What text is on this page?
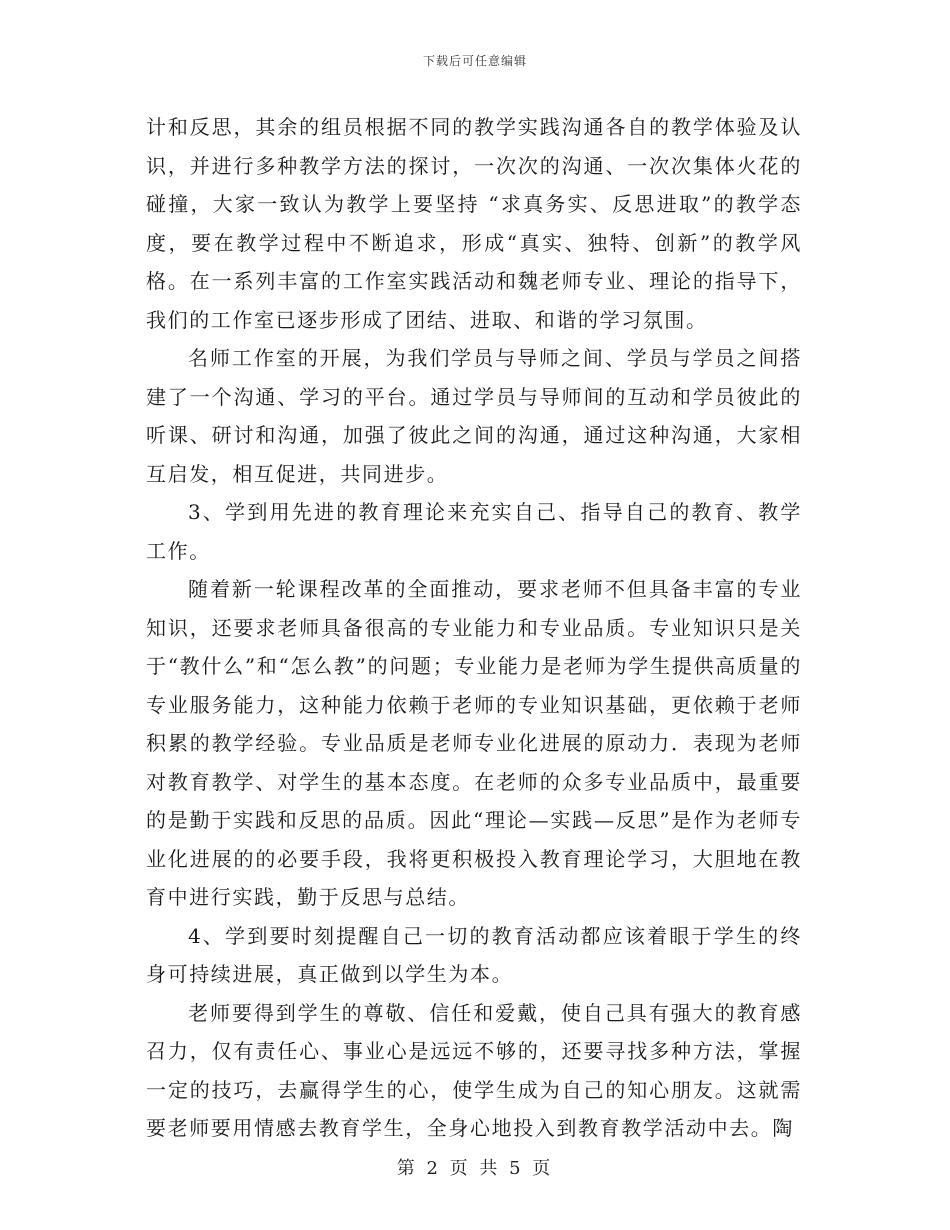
下载后可任意编辑

计和反思，其余的组员根据不同的教学实践沟通各自的教学体验及认识，并进行多种教学方法的探讨，一次次的沟通、一次次集体火花的碰撞，大家一致认为教学上要坚持 “求真务实、反思进取”的教学态度，要在教学过程中不断追求，形成“真实、独特、创新”的教学风格。在一系列丰富的工作室实践活动和魏老师专业、理论的指导下，我们的工作室已逐步形成了团结、进取、和谐的学习氛围。

名师工作室的开展，为我们学员与导师之间、学员与学员之间搭建了一个沟通、学习的平台。通过学员与导师间的互动和学员彼此的听课、研讨和沟通，加强了彼此之间的沟通，通过这种沟通，大家相互启发，相互促进，共同进步。

3、学到用先进的教育理论来充实自己、指导自己的教育、教学工作。

随着新一轮课程改革的全面推动，要求老师不但具备丰富的专业知识，还要求老师具备很高的专业能力和专业品质。专业知识只是关于“教什么”和“怎么教”的问题；专业能力是老师为学生提供高质量的专业服务能力，这种能力依赖于老师的专业知识基础，更依赖于老师积累的教学经验。专业品质是老师专业化进展的原动力．表现为老师对教育教学、对学生的基本态度。在老师的众多专业品质中，最重要的是勤于实践和反思的品质。因此“理论—实践—反思”是作为老师专业化进展的的必要手段，我将更积极投入教育理论学习，大胆地在教育中进行实践，勤于反思与总结。

4、学到要时刻提醒自己一切的教育活动都应该着眼于学生的终身可持续进展，真正做到以学生为本。

老师要得到学生的尊敬、信任和爱戴，使自己具有强大的教育感召力，仅有责任心、事业心是远远不够的，还要寻找多种方法，掌握一定的技巧，去赢得学生的心，使学生成为自己的知心朋友。这就需要老师要用情感去教育学生，全身心地投入到教育教学活动中去。陶

第 2 页 共 5 页
